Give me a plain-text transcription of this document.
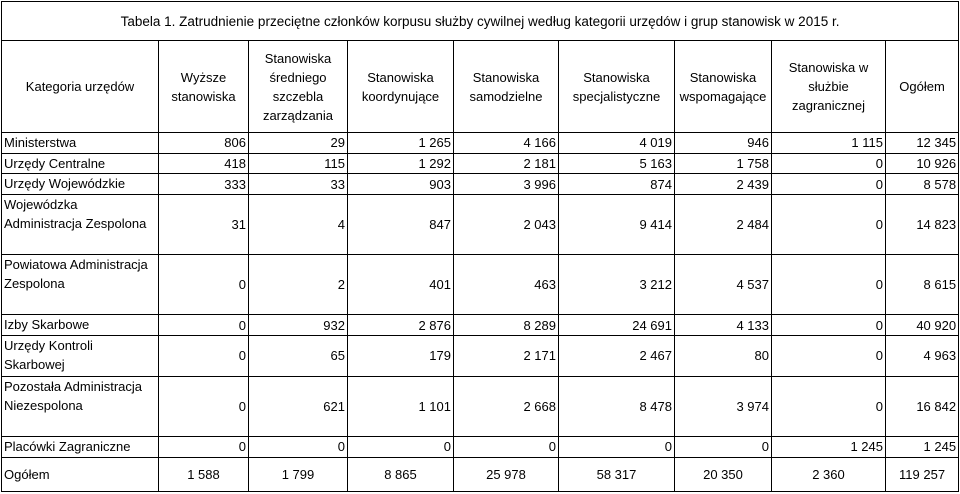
Tabela 1. Zatrudnienie przeciętne członków korpusu służby cywilnej według kategorii urzędów i grup stanowisk w 2015 r.								
Kategoria urzędów	Wyższe stanowiska	Stanowiska średniego szczebla zarządzania	Stanowiska koordynujące	Stanowiska samodzielne	Stanowiska specjalistyczne	Stanowiska wspomagające	Stanowiska w służbie zagranicznej	Ogółem
Ministerstwa	806	29	1 265	4 166	4 019	946	1 115	12 345
Urzędy Centralne	418	115	1 292	2 181	5 163	1 758	0	10 926
Urzędy Wojewódzkie	333	33	903	3 996	874	2 439	0	8 578
Wojewódzka Administracja Zespolona	31	4	847	2 043	9 414	2 484	0	14 823
Powiatowa Administracja Zespolona	0	2	401	463	3 212	4 537	0	8 615
Izby Skarbowe	0	932	2 876	8 289	24 691	4 133	0	40 920
Urzędy Kontroli Skarbowej	0	65	179	2 171	2 467	80	0	4 963
Pozostała Administracja Niezespolona	0	621	1 101	2 668	8 478	3 974	0	16 842
Placówki Zagraniczne	0	0	0	0	0	0	1 245	1 245
Ogółem	1 588	1 799	8 865	25 978	58 317	20 350	2 360	119 257
